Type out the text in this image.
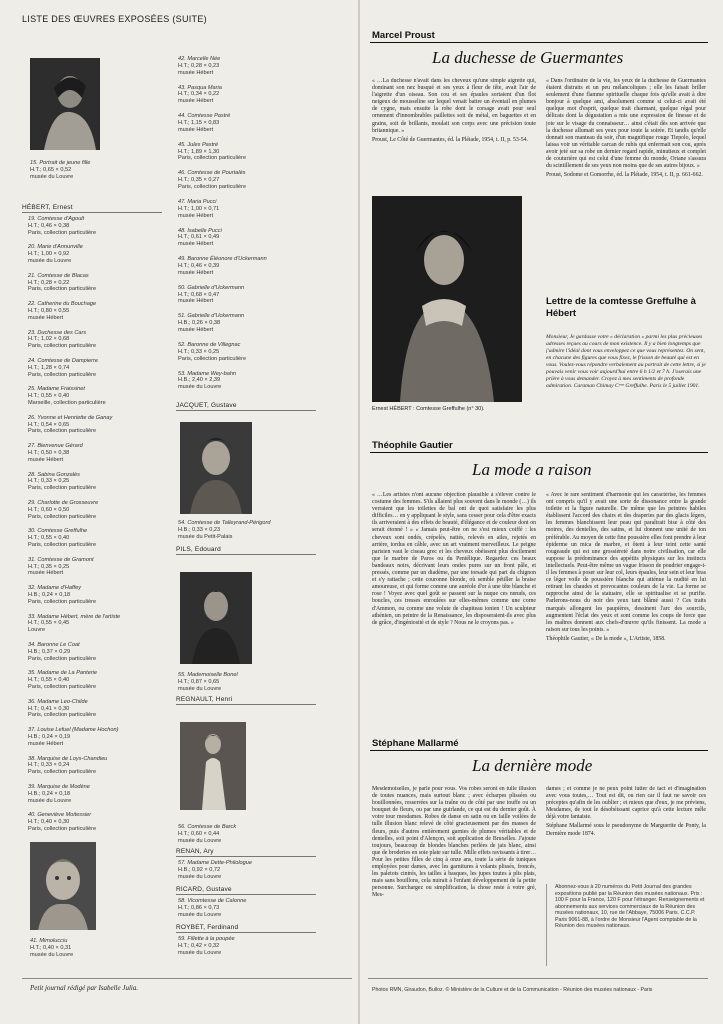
LISTE DES ŒUVRES EXPOSÉES (SUITE)
15. Portrait de jeune fille
H.T.; 0,65 × 0,52
musée du Louvre
HÉBERT, Ernest
19. Comtesse d'Agoult
H.T.; 0,46 × 0,38
Paris, collection particulière
20. Marie d'Annunville
H.T.; 1,00 × 0,92
musée du Louvre
21. Comtesse de Blacas
H.T.; 0,28 × 0,22
Paris, collection particulière
22. Catherine du Bouchage
H.T.; 0,80 × 0,55
musée Hébert
23. Duchesse des Cars
H.T.; 1,02 × 0,68
Paris, collection particulière
24. Comtesse de Dampierre
H.T.; 1,28 × 0,74
Paris, collection particulière
25. Madame Fraissinet
H.T.; 0,55 × 0,40
Marseille, collection particulière
26. Yvonne et Henriette de Ganay
H.T.; 0,54 × 0,65
Paris, collection particulière
27. Bienvenue Gérard
H.T.; 0,50 × 0,38
musée Hébert
28. Sabina Gonzalès
H.T.; 0,33 × 0,25
Paris, collection particulière
29. Charlotte de Grosseuvre
H.T.; 0,60 × 0,50
Paris, collection particulière
30. Comtesse Greffulhe
H.T.; 0,55 × 0,40
Paris, collection particulière
31. Comtesse de Gramont
H.T.; 0,35 × 0,25
musée Hébert
32. Madame d'Haffey
H.B.; 0,24 × 0,18
Paris, collection particulière
33. Madame Hébert, mère de l'artiste
H.T.; 0,55 × 0,45
Louvre
34. Baronne Le Coat
H.B.; 0,37 × 0,29
Paris, collection particulière
35. Madame de La Panterie
H.T.; 0,55 × 0,40
Paris, collection particulière
36. Madame Leo-Childe
H.T.; 0,41 × 0,30
Paris, collection particulière
37. Louise Lefuel (Madame Hochon)
H.B.; 0,24 × 0,19
musée Hébert
38. Marquise de Loys-Chandieu
H.T.; 0,33 × 0,24
Paris, collection particulière
39. Marquise de Modène
H.B.; 0,24 × 0,18
musée du Louvre
40. Geneviève Moitessier
H.T.; 0,40 × 0,30
Paris, collection particulière
41. Mimolucciu
H.T.; 0,40 × 0,31
musée du Louvre
42. Marcelle Née
H.T.; 0,28 × 0,23
musée Hébert
43. Pasqua Maria
H.T.; 0,34 × 0,22
musée Hébert
44. Comtesse Pastré
H.T.; 1,15 × 0,83
musée Hébert
45. Jules Pastré
H.T.; 1,89 × 1,30
Paris, collection particulière
46. Comtesse de Pourtalès
H.T.; 0,35 × 0,27
Paris, collection particulière
47. Maria Pucci
H.T.; 1,00 × 0,71
musée Hébert
48. Isabelle Pucci
H.T.; 0,61 × 0,49
musée Hébert
49. Baronne Éléonore d'Uckermann
H.T.; 0,46 × 0,39
musée Hébert
50. Gabrielle d'Uckermann
H.T.; 0,68 × 0,47
musée Hébert
51. Gabrielle d'Uckermann
H.B.; 0,26 × 0,38
musée Hébert
52. Baronne de Villegnac
H.T.; 0,33 × 0,25
Paris, collection particulière
53. Madame Wey-bahn
H.B.; 2,40 × 2,39
musée du Louvre
JACQUET, Gustave
54. Comtesse de Talleyrand-Périgord
H.B.; 0,33 × 0,23
musée du Petit-Palais
PILS, Edouard
55. Mademoiselle Bonel
H.T.; 0,87 × 0,65
musée du Louvre
REGNAULT, Henri
56. Comtesse de Barck
H.T.; 0,60 × 0,44
musée du Louvre
RENAN, Ary
57. Madame Dette-Philologue
H.B.; 0,92 × 0,72
musée du Louvre
RICARD, Gustave
58. Vicomtesse de Calonne
H.T.; 0,86 × 0,73
musée du Louvre
ROYBET, Ferdinand
59. Fillette à la poupée
H.T.; 0,42 × 0,32
musée du Louvre
Petit journal rédigé par Isabelle Julia.
Marcel Proust
La duchesse de Guermantes

« …La duchesse n'avait dans les cheveux qu'une simple aigrette qui, dominant son nez busqué et ses yeux à fleur de tête, avait l'air de l'aigrette d'un oiseau. Son cou et ses épaules sortaient d'un flot neigeux de mousseline sur lequel venait battre un éventail en plumes de cygne, mais ensuite la robe dont le corsage avait pour seul ornement d'innombrables paillettes soit de métal, en baguettes et en grains, soit de brillants, moulait son corps avec une précision toute britannique. »

Proust, Le Côté de Guermantes, éd. la Pléiade, 1954, t. II, p. 53-54.

« Dans l'ordinaire de la vie, les yeux de la duchesse de Guermantes étaient distraits et un peu mélancoliques ; elle les faisait briller seulement d'une flamme spirituelle chaque fois qu'elle avait à dire bonjour à quelque ami, absolument comme si celui-ci avait été quelque mot d'esprit, quelque trait charmant, quelque régal pour délicats dont la dégustation a mis une expression de finesse et de joie sur le visage du connaisseur… ainsi c'était dès son arrivée que la duchesse allumait ses yeux pour toute la soirée. Et tandis qu'elle donnait son manteau du soir, d'un magnifique rouge Tiepolo, lequel laissa voir un véritable carcan de rubis qui enfermait son cou, après avoir jeté sur sa robe un dernier regard rapide, minutieux et complet de couturière qui est celui d'une femme du monde, Oriane s'assura du scintillement de ses yeux non moins que de ses autres bijoux. »

Proust, Sodome et Gomorrhe, éd. la Pléiade, 1954, t. II, p. 661-662.

Ernest HÉBERT : Comtesse Greffulhe (n° 30).
Lettre de la comtesse Greffulhe à Hébert
Monsieur, Je gardasse votre « déclaration » parmi les plus précieuses adresses reçues au cours de mon existence. Il y a bien longtemps que j'admire l'idéal dont vous enveloppez ce que vous représentez. On sent, en chacune des figures que vous fixez, le frisson de beauté qui est en vous. Voulez-vous répondre verbalement au portrait de cette lettre, si je pouvais venir vous voir aujourd'hui entre 6 h 1/2 et 7 h. J'oserais une prière à vous demander. Croyez à mes sentiments de profonde admiration. Caraman Chimay Cᵉˢˢᵉ Greffulhe. Paris le 5 juillet 1901.
Théophile Gautier
La mode a raison

« …Les artistes n'ont aucune objection plausible à s'élever contre le costume des femmes. S'ils allaient plus souvent dans le monde (…) ils verraient que les toilettes de bal ont de quoi satisfaire les plus difficiles… en y appliquant le style, sans cesser pour cela d'être exacts ils arriveraient à des effets de beauté, d'élégance et de couleur dont on serait étonné ! » « Jamais peut-être on ne s'est mieux coiffé : les cheveux sont ondés, crépelés, nattés, relevés en ailes, rejetés en arrière, tordus en câble, avec un art vraiment merveilleux. Le peigne parisien vaut le ciseau grec et les cheveux obéissent plus docilement que le marbre de Paros ou du Pentélique. Regardez ces beaux bandeaux noirs, décrivant leurs ondes pures sur un front pâle, et pressés, comme par un diadème, par une torsade qui part du chignon et s'y rattache ; cette couronne blonde, où semble pétiller la braise amoureuse, et qui forme comme une auréole d'or à une tête blanche et rose ! Voyez avec quel goût se passent sur la nuque ces nœuds, ces boucles, ces tresses enroulées sur elles-mêmes comme une corne d'Ammon, ou comme une volute de chapiteau ionien ! Un sculpteur athénien, un peintre de la Renaissance, les disposeraient-ils avec plus de grâce, d'ingéniosité et de style ? Nous ne le croyons pas. »

« Avec le rare sentiment d'harmonie qui les caractérise, les femmes ont compris qu'il y avait une sorte de dissonance entre la grande toilette et la figure naturelle. De même que les peintres habiles établissent l'accord des chairs et des draperies par des glacis légers, les femmes blanchissent leur peau qui paraîtrait bise à côté des moires, des dentelles, des satins, et lui donnent une unité de ton préférable. Au moyen de cette fine poussière elles font prendre à leur épiderme un mica de marbre, et ôtent à leur teint cette santé rougeaude qui est une grossièreté dans notre civilisation, car elle suppose la prédominance des appétits physiques sur les instincts intellectuels. Peut-être même un vague frisson de poudrier engage-t-il les femmes à poser sur leur col, leurs épaules, leur sein et leur bras ce léger voile de poussière blanche qui atténue la nudité en lui retirant les chaudes et provocantes couleurs de la vie. La forme se rapproche ainsi de la statuaire, elle se spiritualise et se purifie. Parlerons-nous du noir des yeux tant blâmé aussi ? Ces traits marqués allongent les paupières, dessinent l'arc des sourcils, augmentent l'éclat des yeux et sont comme les coups de force que les maîtres donnent aux chefs-d'œuvre qu'ils finissent. La mode a raison sur tous les points. »

Théophile Gautier, « De la mode », L'Artiste, 1858.

Stéphane Mallarmé
La dernière mode

Mesdemoiselles, je parle pour vous. Vos robes seront en tulle illusion de toutes nuances, mais surtout blanc ; avec écharpes plissées ou bouillonnées, resserrées sur la traîne ou de côté par une touffe ou un bouquet de fleurs, ou par une guirlande, ce qui est du dernier goût. À votre tour mesdames. Robes de danse en satin ou en faille voilées de tulle illusion blanc relevé de côté gracieusement par des masses de fleurs, puis d'autres entièrement garnies de plumes véritables et de dentelles, soit point d'Alençon, soit application de Bruxelles. J'ajoute toujours, beaucoup de blondes blanches perlées de jais blanc, ainsi que de broderies en soie plate sur tulle. Mille effets ravissants à tirer… Pour les petites filles de cinq à onze ans, toute la série de tuniques employées pour dames, avec les garnitures à volants plissés, froncés, les paletots cintrés, les tailles à basques, les jupes toutes à plis plats, mais sans bouillons, cela nuirait à l'enfant développement de la petite personne. Surchargez ou simplification, la chose reste à votre gré, Mes-

dames ; et comme je ne peux point lutter de tact et d'imagination avec vous toutes,… Tout est dit, ou rien car il faut ne savoir ces préceptes qu'afin de les oublier ; et mieux que d'eux, je me préviens, Mesdames, de tout le désobéissant caprice qu'à cette lecture mêle déjà votre fantaisie.

Stéphane Mallarmé sous le pseudonyme de Marguerite de Ponty, la Dernière mode 1874.

Abonnez-vous à 20 numéros du Petit Journal des grandes expositions publié par la Réunion des musées nationaux. Prix : 100 F pour la France, 120 F pour l'étranger. Renseignements et abonnements aux services commerciaux de la Réunion des musées nationaux, 10, rue de l'Abbaye, 75006 Paris. C.C.P. Paris 9061-88, à l'ordre de Monsieur l'Agent comptable de la Réunion des musées nationaux.
Photos RMN, Giraudon, Bulloz. © Ministère de la Culture et de la Communication - Réunion des musées nationaux - Paris
